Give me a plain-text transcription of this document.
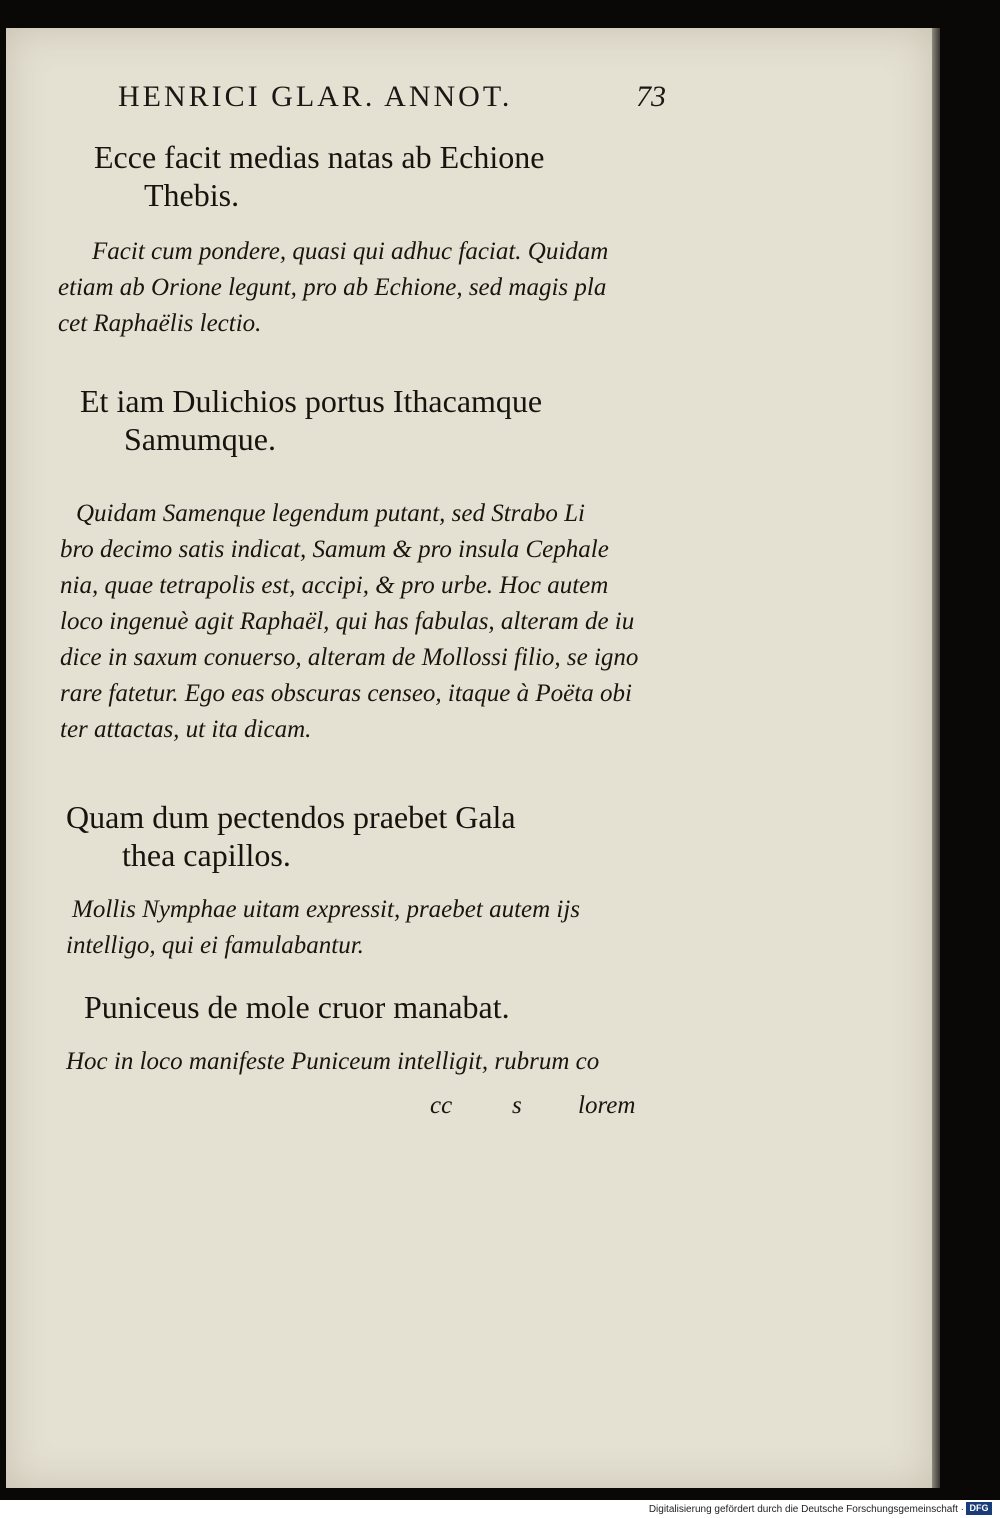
HENRICI GLAR. ANNOT.	73
Ecce facit medias natas ab Echione
Thebis.
Facit cum pondere, quasi qui adhuc faciat. Quidam
etiam ab Orione legunt, pro ab Echione, sed magis pla
cet Raphaëlis lectio.
Et iam Dulichios portus Ithacamque
Samumque.
Quidam Samenque legendum putant, sed Strabo Li
bro decimo satis indicat, Samum & pro insula Cephale
nia, quae tetrapolis est, accipi, & pro urbe. Hoc autem
loco ingenuè agit Raphaël, qui has fabulas, alteram de iu
dice in saxum conuerso, alteram de Mollossi filio, se igno
rare fatetur. Ego eas obscuras censeo, itaque à Poëta obi
ter attactas, ut ita dicam.
Quam dum pectendos praebet Gala
thea capillos.
Mollis Nymphae uitam expressit, praebet autem ijs
intelligo, qui ei famulabantur.
Puniceus de mole cruor manabat.
Hoc in loco manifeste Puniceum intelligit, rubrum co
cc s lorem
Digitalisierung gefördert durch die Deutsche Forschungsgemeinschaft · DFG
